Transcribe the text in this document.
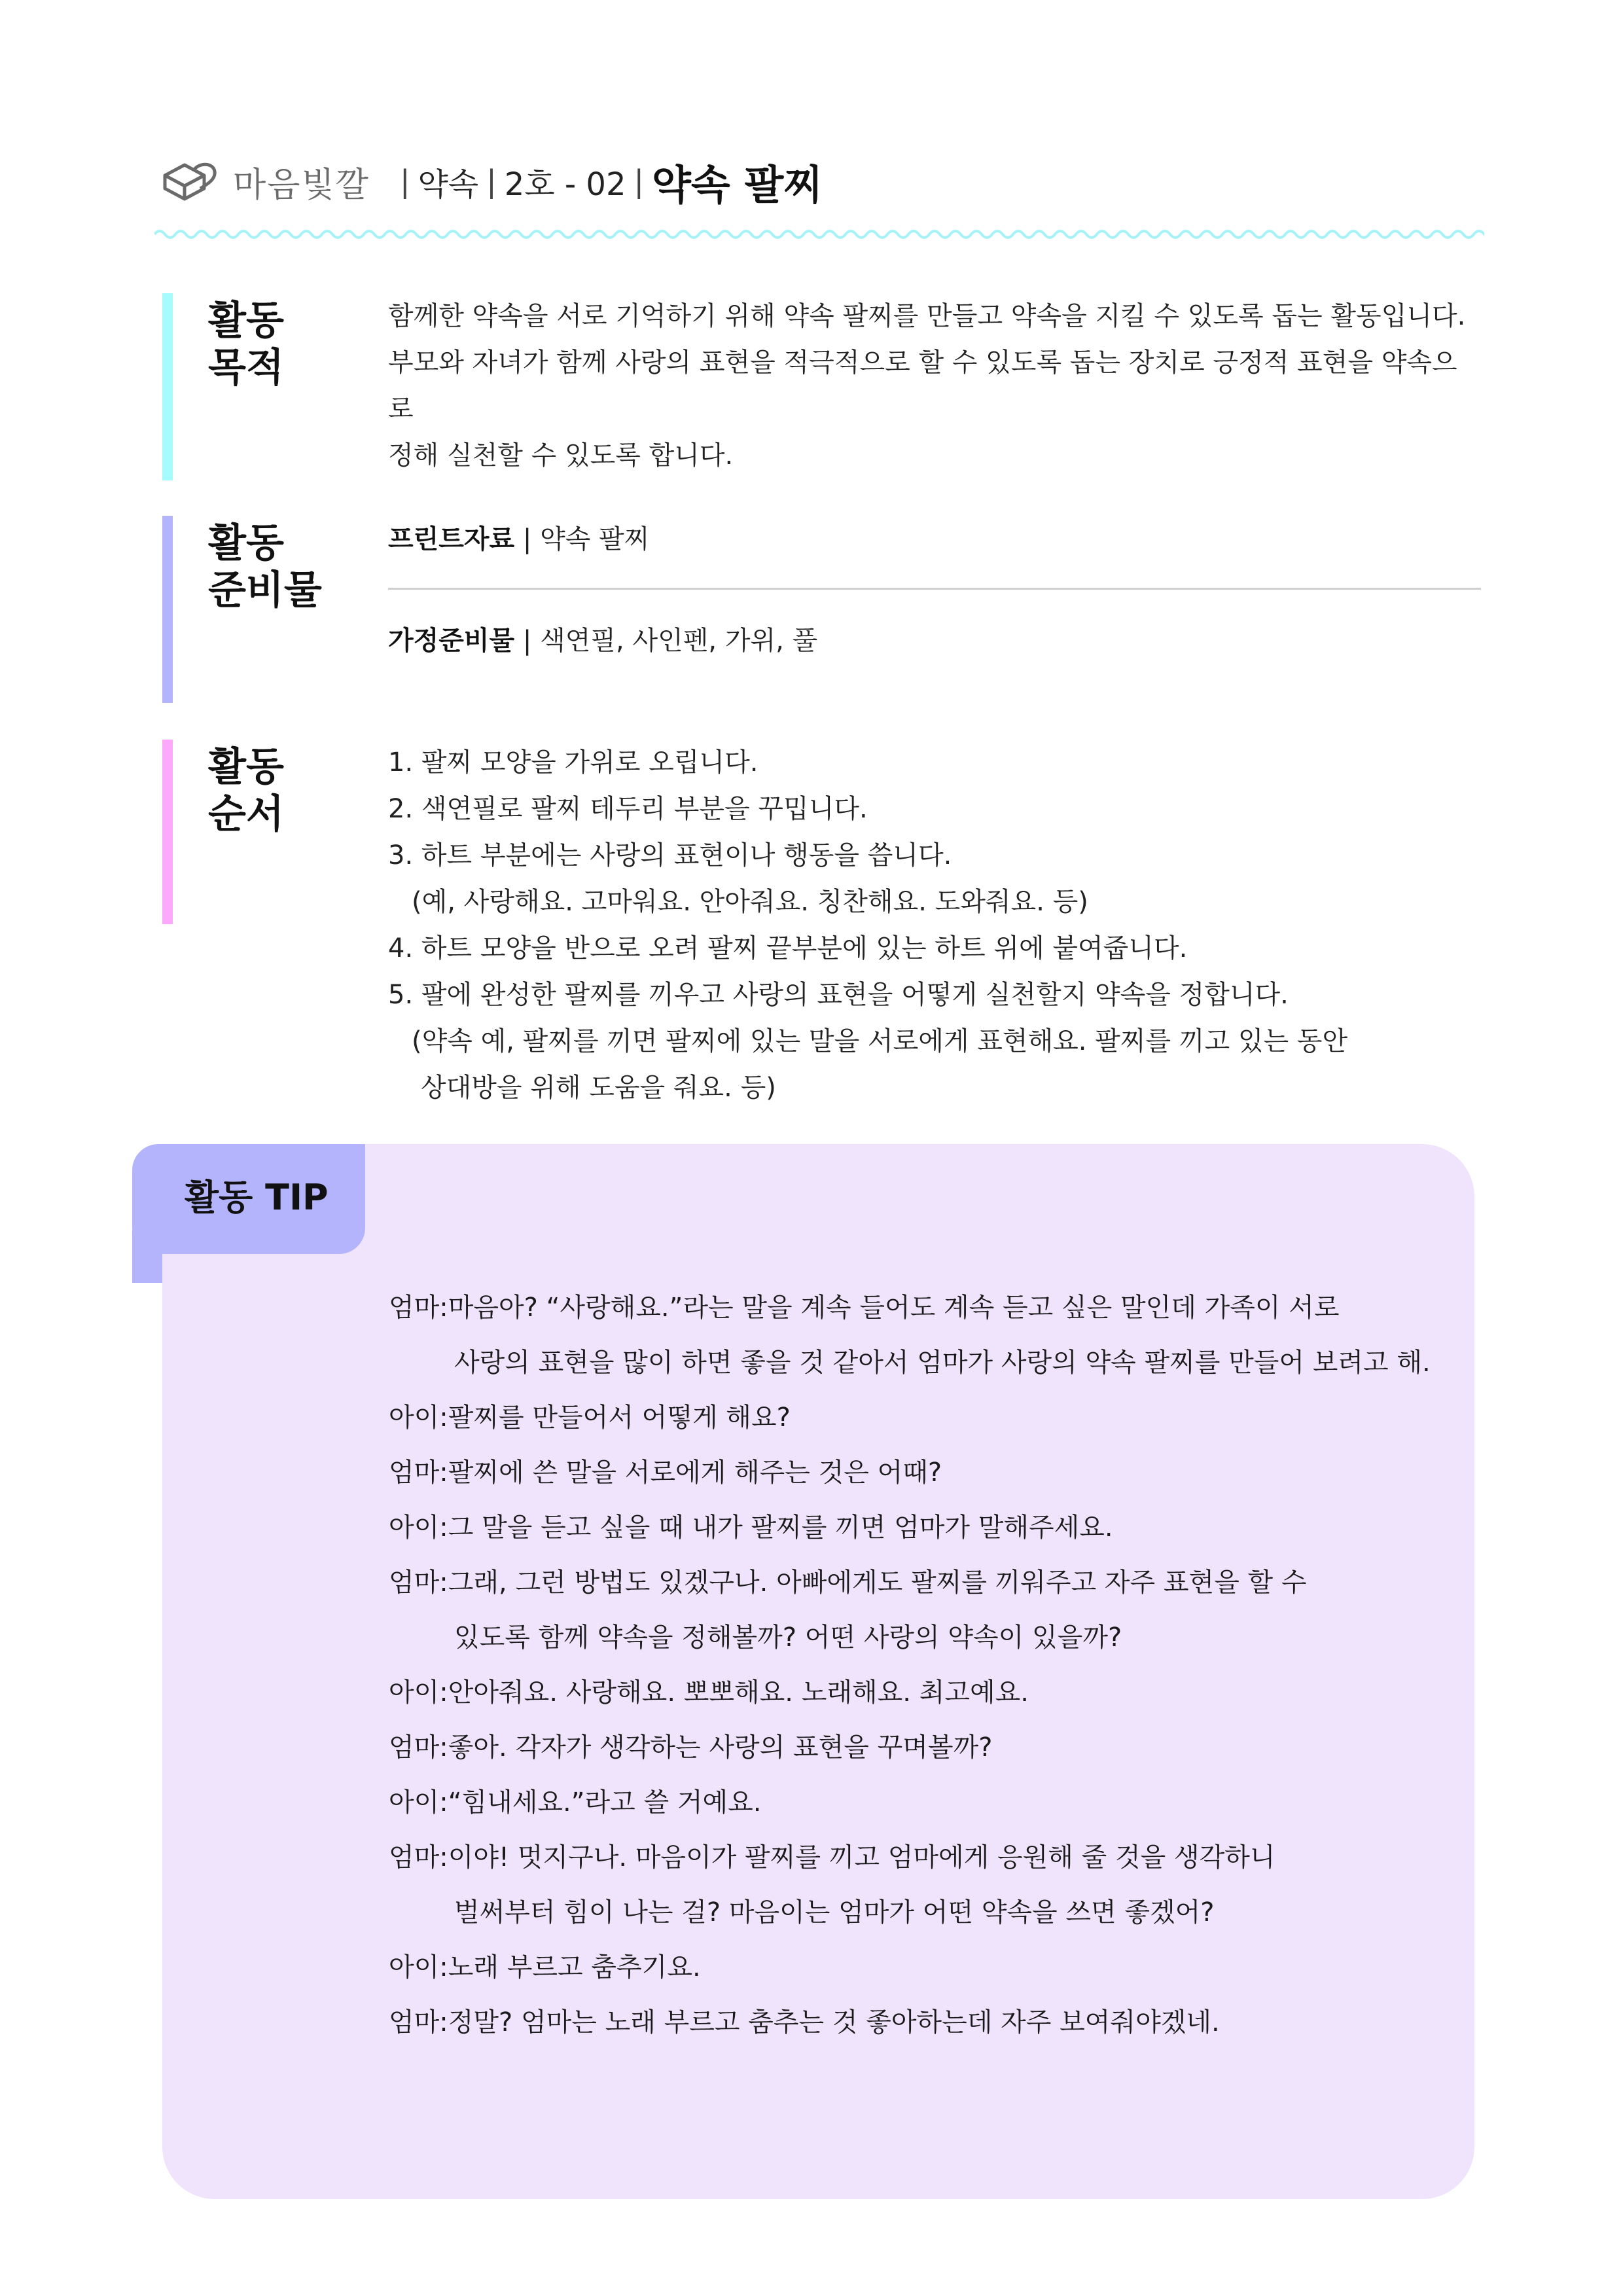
마음빛깔 | 약속 | 2호 - 02 | 약속 팔찌
활동
목적

함께한 약속을 서로 기억하기 위해 약속 팔찌를 만들고 약속을 지킬 수 있도록 돕는 활동입니다.

부모와 자녀가 함께 사랑의 표현을 적극적으로 할 수 있도록 돕는 장치로 긍정적 표현을 약속으로

정해 실천할 수 있도록 합니다.

활동
준비물
프린트자료 | 약속 팔찌
가정준비물 | 색연필, 사인펜, 가위, 풀
활동
순서
1. 팔찌 모양을 가위로 오립니다.
2. 색연필로 팔찌 테두리 부분을 꾸밉니다.
3. 하트 부분에는 사랑의 표현이나 행동을 씁니다.
(예, 사랑해요. 고마워요. 안아줘요. 칭찬해요. 도와줘요. 등)
4. 하트 모양을 반으로 오려 팔찌 끝부분에 있는 하트 위에 붙여줍니다.
5. 팔에 완성한 팔찌를 끼우고 사랑의 표현을 어떻게 실천할지 약속을 정합니다.
(약속 예, 팔찌를 끼면 팔찌에 있는 말을 서로에게 표현해요. 팔찌를 끼고 있는 동안
상대방을 위해 도움을 줘요. 등)
활동 TIP
엄마: 마음아? “사랑해요.”라는 말을 계속 들어도 계속 듣고 싶은 말인데 가족이 서로
사랑의 표현을 많이 하면 좋을 것 같아서 엄마가 사랑의 약속 팔찌를 만들어 보려고 해.
아이: 팔찌를 만들어서 어떻게 해요?
엄마: 팔찌에 쓴 말을 서로에게 해주는 것은 어때?
아이: 그 말을 듣고 싶을 때 내가 팔찌를 끼면 엄마가 말해주세요.
엄마: 그래, 그런 방법도 있겠구나. 아빠에게도 팔찌를 끼워주고 자주 표현을 할 수
있도록 함께 약속을 정해볼까? 어떤 사랑의 약속이 있을까?
아이: 안아줘요. 사랑해요. 뽀뽀해요. 노래해요. 최고예요.
엄마: 좋아. 각자가 생각하는 사랑의 표현을 꾸며볼까?
아이: “힘내세요.”라고 쓸 거예요.
엄마: 이야! 멋지구나. 마음이가 팔찌를 끼고 엄마에게 응원해 줄 것을 생각하니
벌써부터 힘이 나는 걸? 마음이는 엄마가 어떤 약속을 쓰면 좋겠어?
아이: 노래 부르고 춤추기요.
엄마: 정말? 엄마는 노래 부르고 춤추는 것 좋아하는데 자주 보여줘야겠네.
